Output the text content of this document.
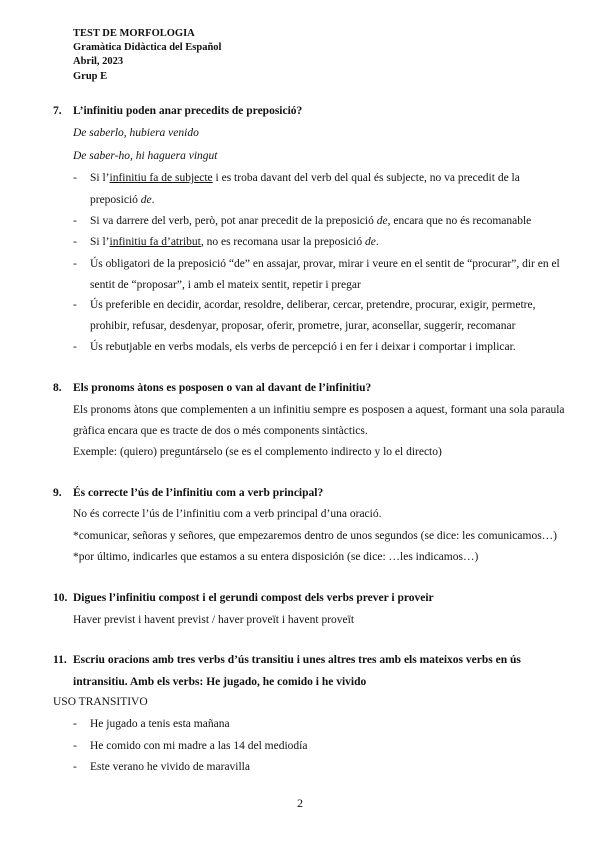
TEST DE MORFOLOGIA
Gramàtica Didàctica del Español
Abril, 2023
Grup E
7. L’infinitiu poden anar precedits de preposició?
De saberlo, hubiera venido
De saber-ho, hi haguera vingut
- Si l’infinitiu fa de subjecte i es troba davant del verb del qual és subjecte, no va precedit de la
preposició de.
- Si va darrere del verb, però, pot anar precedit de la preposició de, encara que no és recomanable
- Si l’infinitiu fa d’atribut, no es recomana usar la preposició de.
- Ús obligatori de la preposició “de” en assajar, provar, mirar i veure en el sentit de “procurar”, dir en el
sentit de “proposar”, i amb el mateix sentit, repetir i pregar
- Ús preferible en decidir, acordar, resoldre, deliberar, cercar, pretendre, procurar, exigir, permetre,
prohibir, refusar, desdenyar, proposar, oferir, prometre, jurar, aconsellar, suggerir, recomanar
- Ús rebutjable en verbs modals, els verbs de percepció i en fer i deixar i comportar i implicar.
8. Els pronoms àtons es posposen o van al davant de l’infinitiu?
Els pronoms àtons que complementen a un infinitiu sempre es posposen a aquest, formant una sola paraula
gràfica encara que es tracte de dos o més components sintàctics.
Exemple: (quiero) preguntárselo (se es el complemento indirecto y lo el directo)
9. És correcte l’ús de l’infinitiu com a verb principal?
No és correcte l’ús de l’infinitiu com a verb principal d’una oració.
*comunicar, señoras y señores, que empezaremos dentro de unos segundos (se dice: les comunicamos…)
*por último, indicarles que estamos a su entera disposición (se dice: …les indicamos…)
10. Digues l’infinitiu compost i el gerundi compost dels verbs prever i proveir
Haver previst i havent previst / haver proveït i havent proveït
11. Escriu oracions amb tres verbs d’ús transitiu i unes altres tres amb els mateixos verbs en ús
intransitiu. Amb els verbs: He jugado, he comido i he vivido
USO TRANSITIVO
- He jugado a tenis esta mañana
- He comido con mi madre a las 14 del mediodía
- Este verano he vivido de maravilla
2
